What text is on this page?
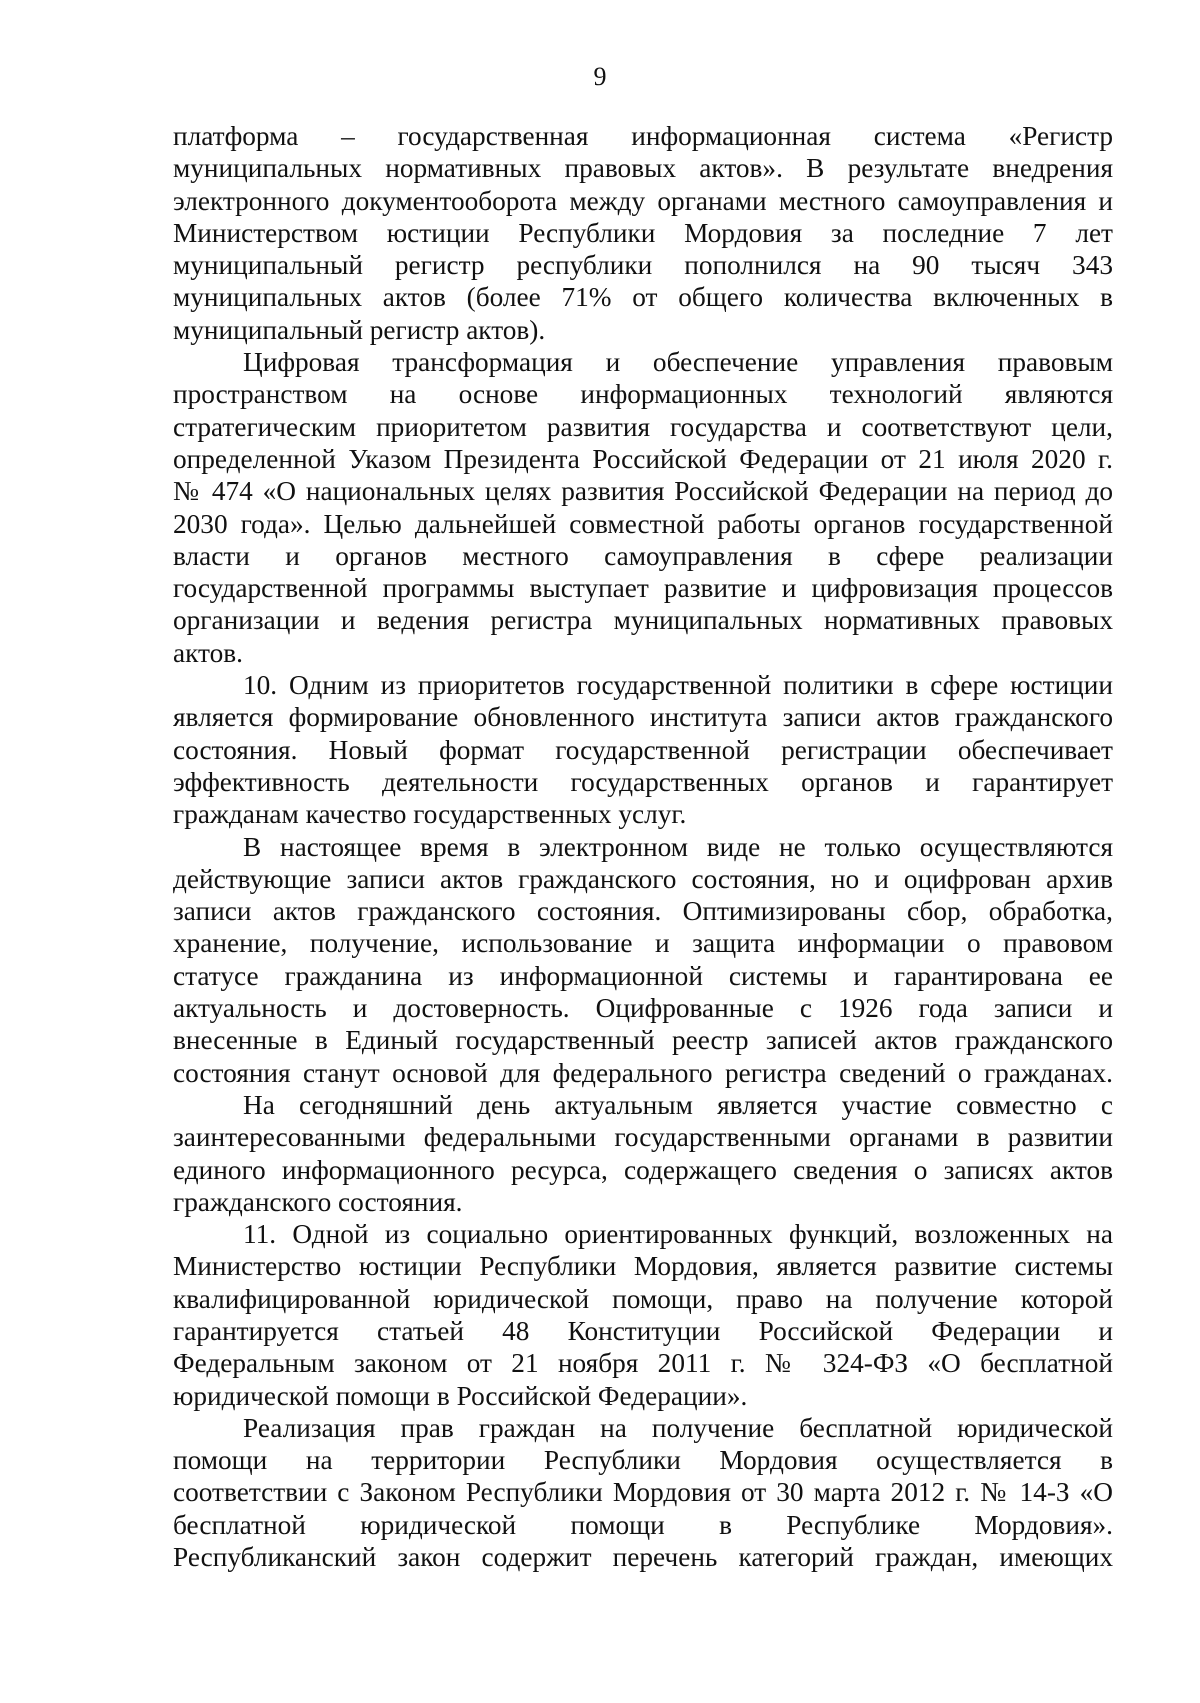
9
платформа – государственная информационная система «Регистр
муниципальных нормативных правовых актов». В результате внедрения
электронного документооборота между органами местного самоуправления и
Министерством юстиции Республики Мордовия за последние 7 лет
муниципальный регистр республики пополнился на 90 тысяч 343
муниципальных актов (более 71% от общего количества включенных в
муниципальный регистр актов).
Цифровая трансформация и обеспечение управления правовым
пространством на основе информационных технологий являются
стратегическим приоритетом развития государства и соответствуют цели,
определенной Указом Президента Российской Федерации от 21 июля 2020 г.
№ 474 «О национальных целях развития Российской Федерации на период до
2030 года». Целью дальнейшей совместной работы органов государственной
власти и органов местного самоуправления в сфере реализации
государственной программы выступает развитие и цифровизация процессов
организации и ведения регистра муниципальных нормативных правовых
актов.
10. Одним из приоритетов государственной политики в сфере юстиции
является формирование обновленного института записи актов гражданского
состояния. Новый формат государственной регистрации обеспечивает
эффективность деятельности государственных органов и гарантирует
гражданам качество государственных услуг.
В настоящее время в электронном виде не только осуществляются
действующие записи актов гражданского состояния, но и оцифрован архив
записи актов гражданского состояния. Оптимизированы сбор, обработка,
хранение, получение, использование и защита информации о правовом
статусе гражданина из информационной системы и гарантирована ее
актуальность и достоверность. Оцифрованные с 1926 года записи и
внесенные в Единый государственный реестр записей актов гражданского
состояния станут основой для федерального регистра сведений о гражданах.
На сегодняшний день актуальным является участие совместно с
заинтересованными федеральными государственными органами в развитии
единого информационного ресурса, содержащего сведения о записях актов
гражданского состояния.
11. Одной из социально ориентированных функций, возложенных на
Министерство юстиции Республики Мордовия, является развитие системы
квалифицированной юридической помощи, право на получение которой
гарантируется статьей 48 Конституции Российской Федерации и
Федеральным законом от 21 ноября 2011 г. № 324-ФЗ «О бесплатной
юридической помощи в Российской Федерации».
Реализация прав граждан на получение бесплатной юридической
помощи на территории Республики Мордовия осуществляется в
соответствии с Законом Республики Мордовия от 30 марта 2012 г. № 14-З «О
бесплатной юридической помощи в Республике Мордовия».
Республиканский закон содержит перечень категорий граждан, имеющих
